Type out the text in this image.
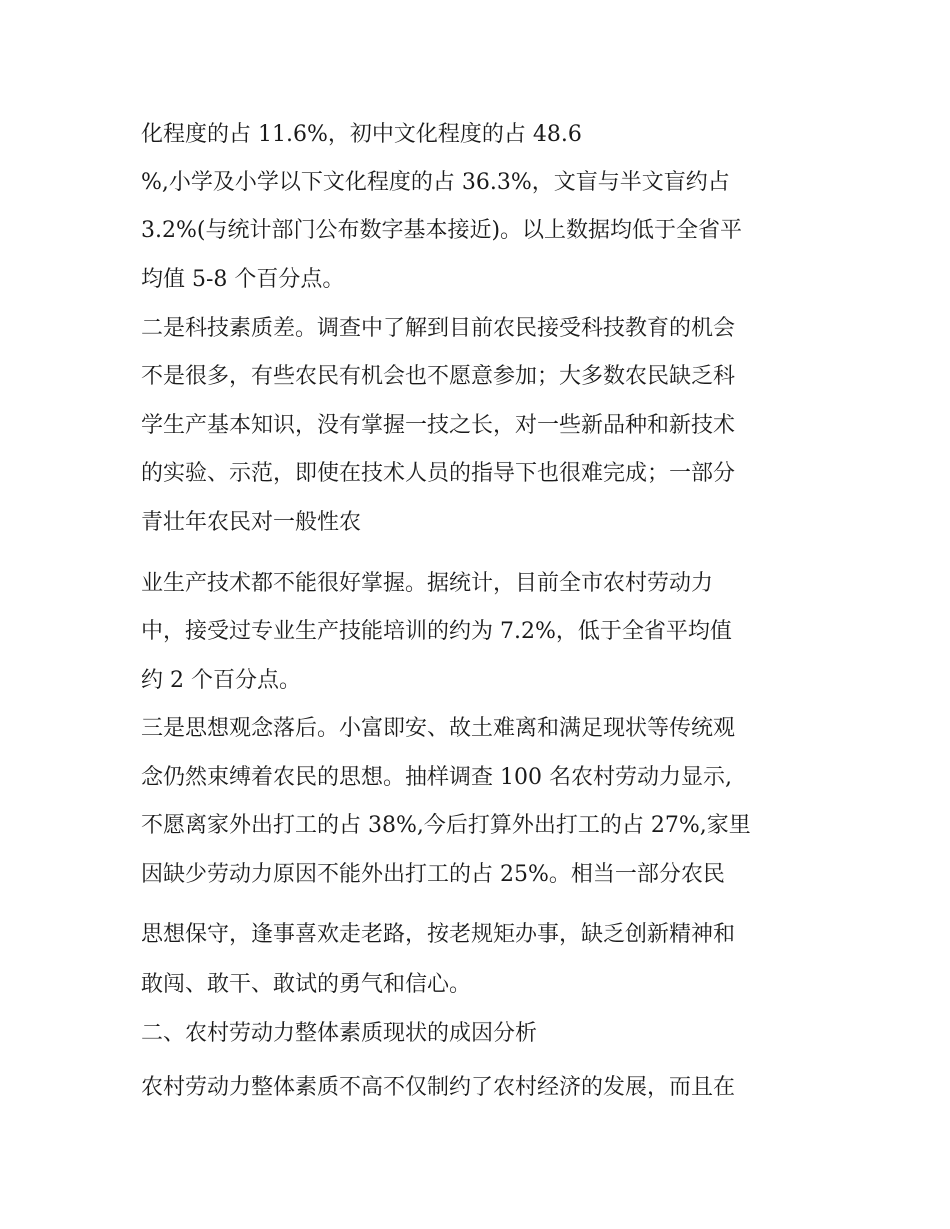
化程度的占 11.6%，初中文化程度的占 48.6
%,小学及小学以下文化程度的占 36.3%，文盲与半文盲约占
3.2%(与统计部门公布数字基本接近)。以上数据均低于全省平
均值 5-8 个百分点。
二是科技素质差。调查中了解到目前农民接受科技教育的机会
不是很多，有些农民有机会也不愿意参加；大多数农民缺乏科
学生产基本知识，没有掌握一技之长，对一些新品种和新技术
的实验、示范，即使在技术人员的指导下也很难完成；一部分
青壮年农民对一般性农
业生产技术都不能很好掌握。据统计，目前全市农村劳动力
中，接受过专业生产技能培训的约为 7.2%，低于全省平均值
约 2 个百分点。
三是思想观念落后。小富即安、故土难离和满足现状等传统观
念仍然束缚着农民的思想。抽样调查 100 名农村劳动力显示,
不愿离家外出打工的占 38%,今后打算外出打工的占 27%,家里
因缺少劳动力原因不能外出打工的占 25%。相当一部分农民
思想保守，逢事喜欢走老路，按老规矩办事，缺乏创新精神和
敢闯、敢干、敢试的勇气和信心。
二、农村劳动力整体素质现状的成因分析
农村劳动力整体素质不高不仅制约了农村经济的发展，而且在
